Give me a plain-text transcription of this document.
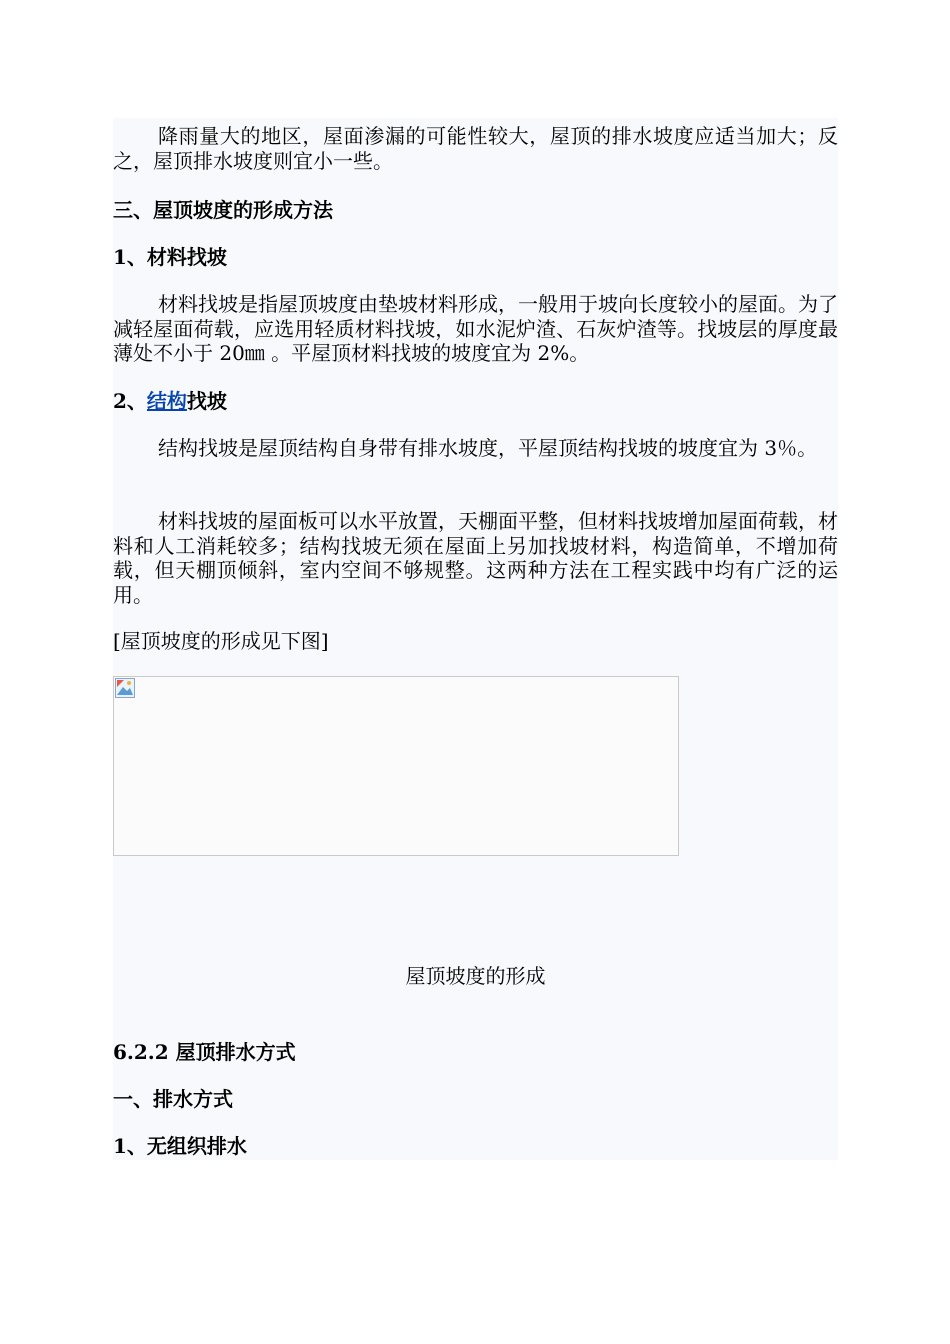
降雨量大的地区，屋面渗漏的可能性较大，屋顶的排水坡度应适当加大；反之，屋顶排水坡度则宜小一些。

三、屋顶坡度的形成方法

1、材料找坡

材料找坡是指屋顶坡度由垫坡材料形成，一般用于坡向长度较小的屋面。为了减轻屋面荷载，应选用轻质材料找坡，如水泥炉渣、石灰炉渣等。找坡层的厚度最薄处不小于 20㎜ 。平屋顶材料找坡的坡度宜为 2%。

2、结构找坡

结构找坡是屋顶结构自身带有排水坡度，平屋顶结构找坡的坡度宜为 3％。

材料找坡的屋面板可以水平放置，天棚面平整，但材料找坡增加屋面荷载，材料和人工消耗较多；结构找坡无须在屋面上另加找坡材料，构造简单，不增加荷载，但天棚顶倾斜，室内空间不够规整。这两种方法在工程实践中均有广泛的运用。

[屋顶坡度的形成见下图]

屋顶坡度的形成

6.2.2 屋顶排水方式

一、排水方式

1、无组织排水
